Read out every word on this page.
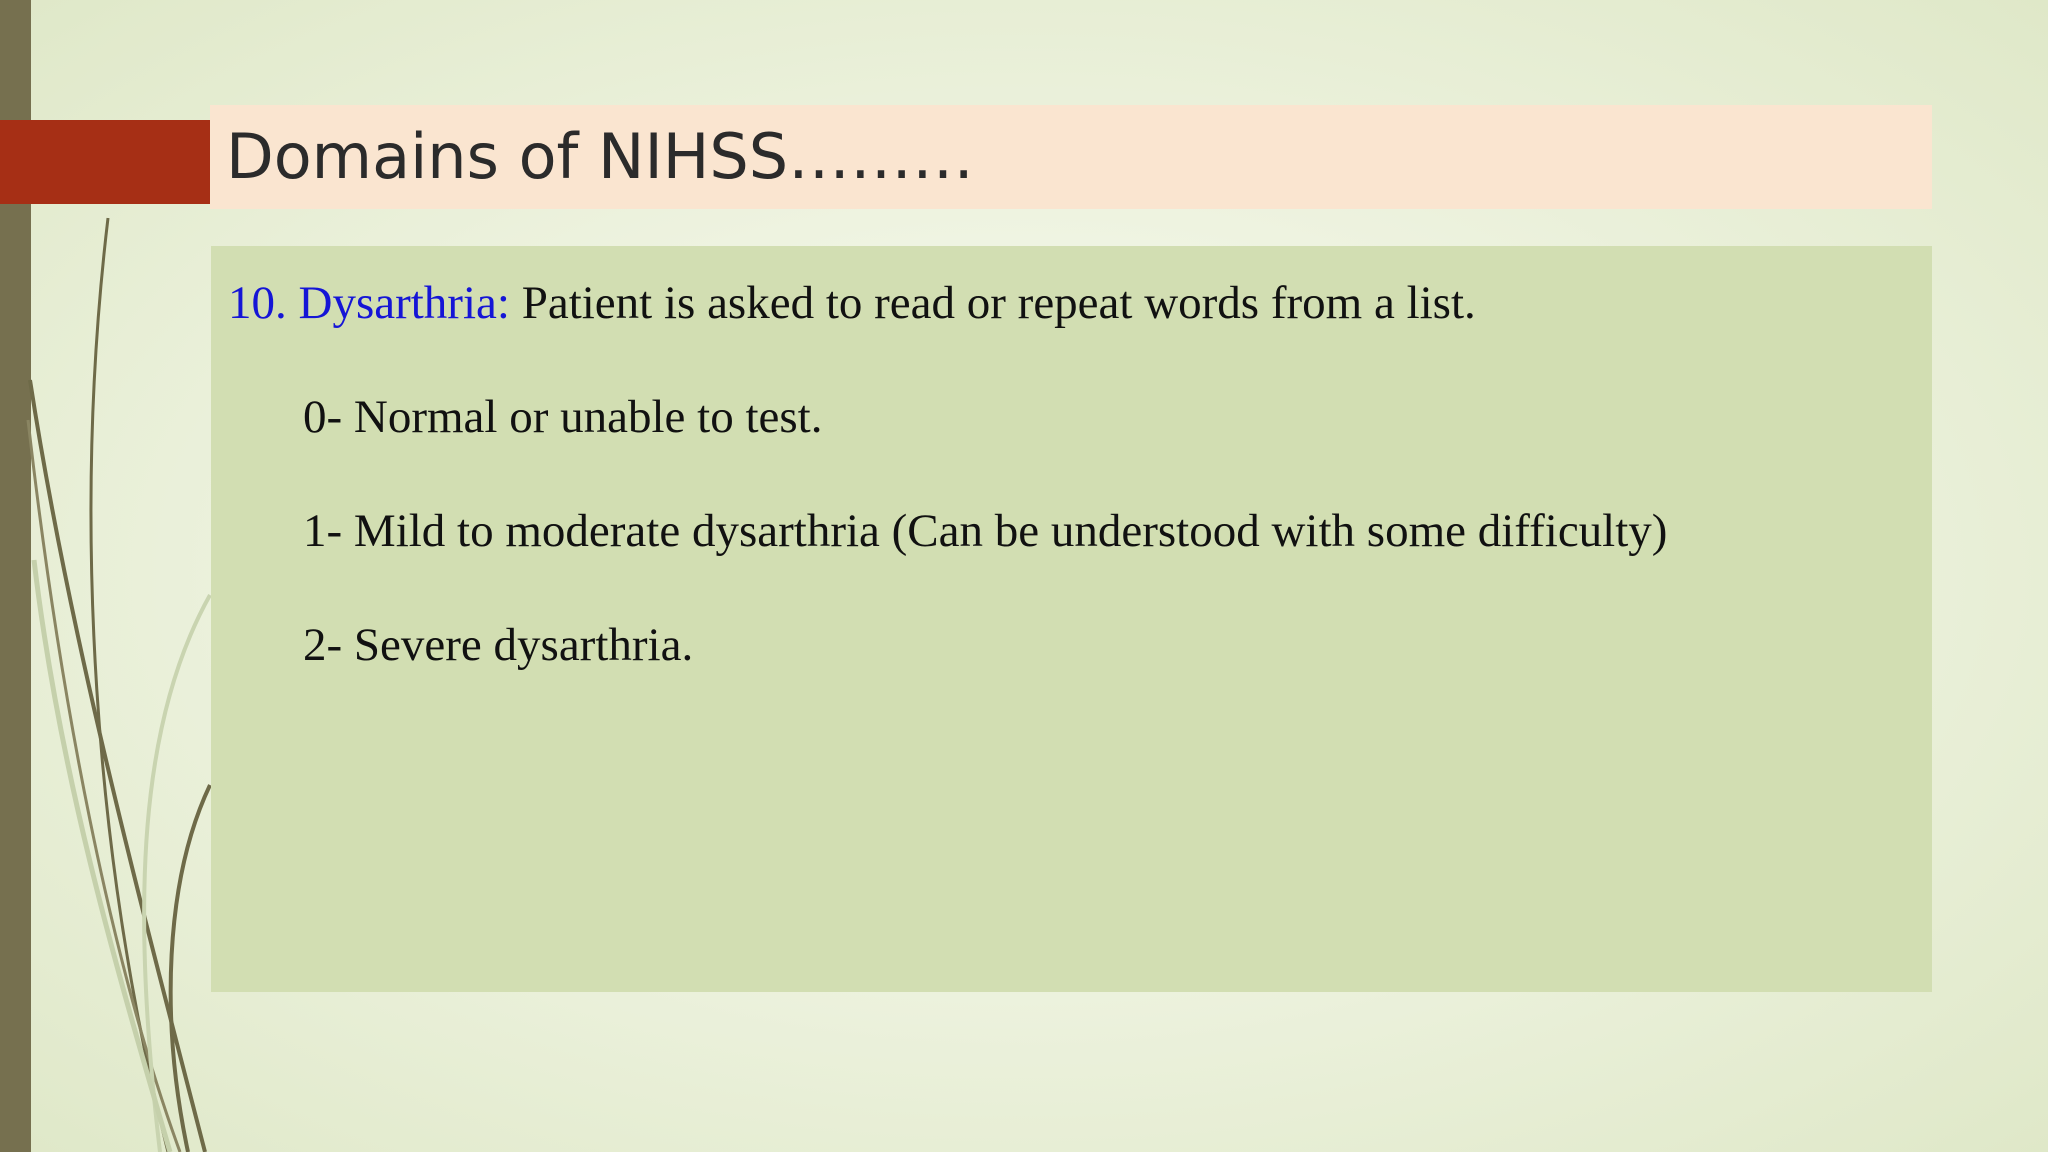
Domains of NIHSS………

10. Dysarthria: Patient is asked to read or repeat words from a list.

0- Normal or unable to test.

1- Mild to moderate dysarthria (Can be understood with some difficulty)

2- Severe dysarthria.
